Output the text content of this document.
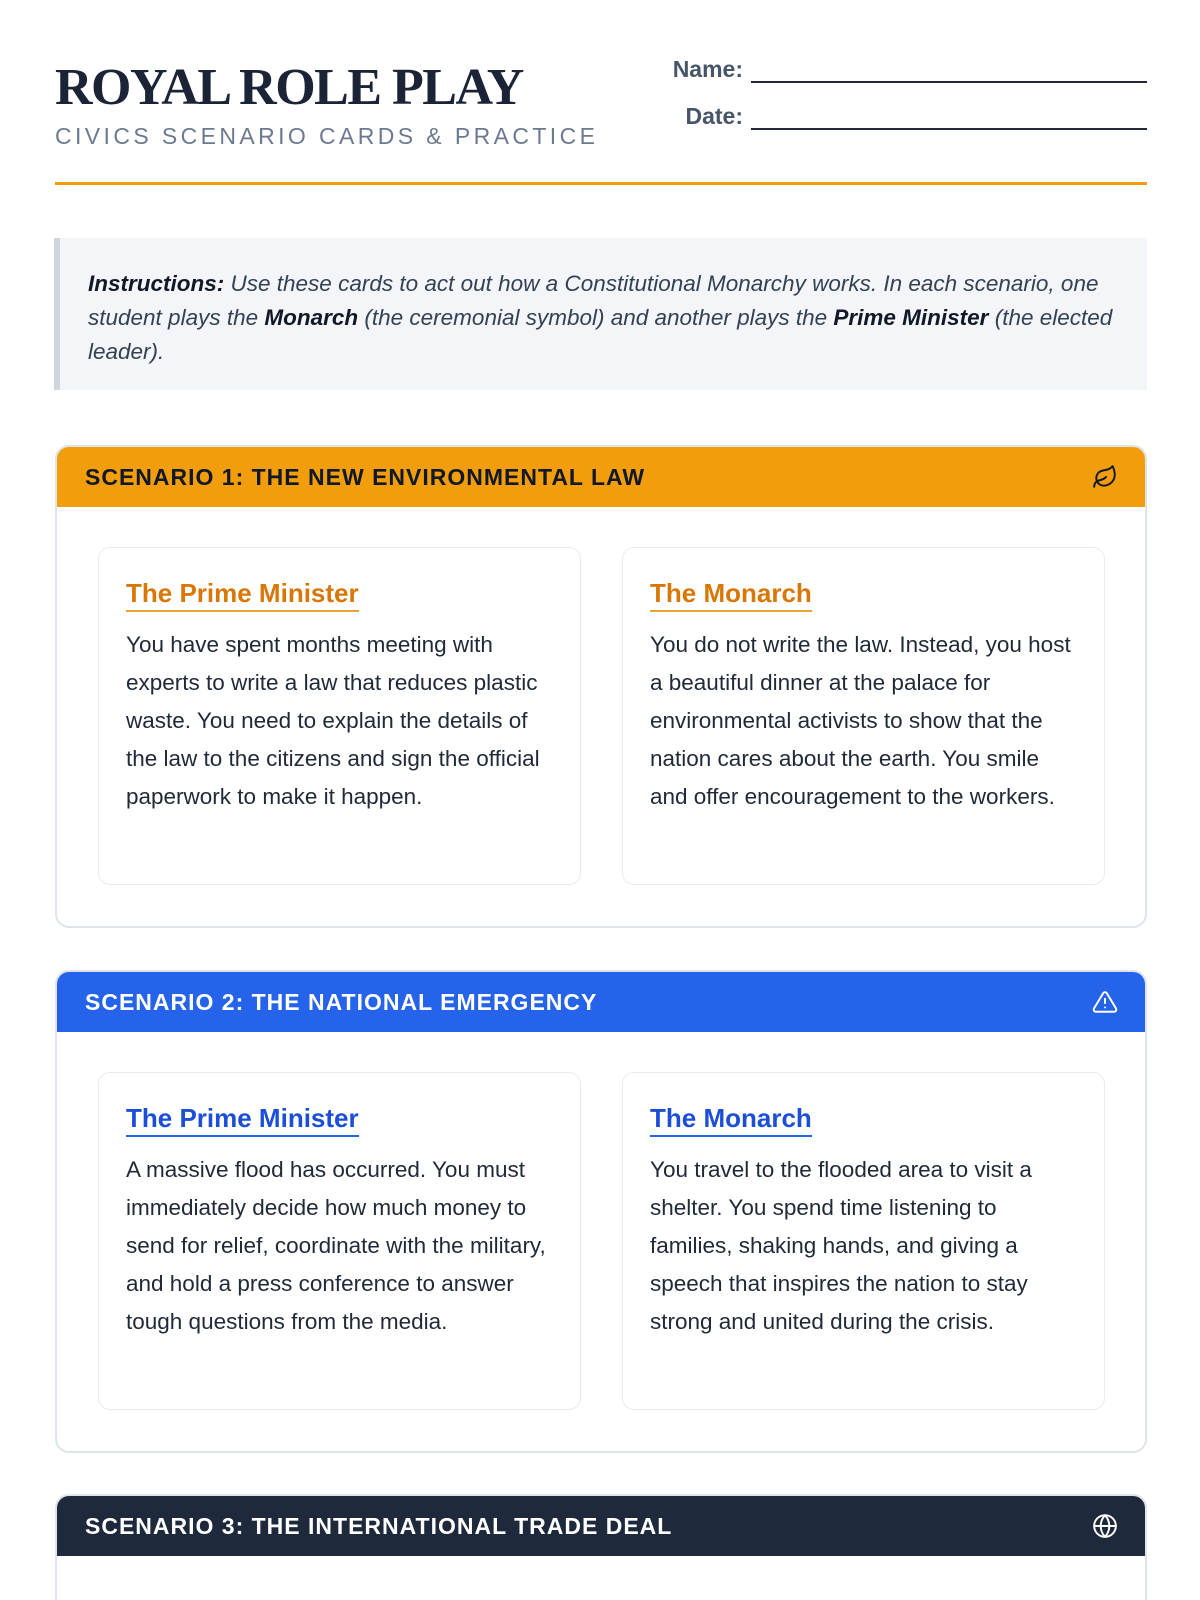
ROYAL ROLE PLAY
CIVICS SCENARIO CARDS & PRACTICE
Name:
Date:
Instructions: Use these cards to act out how a Constitutional Monarchy works. In each scenario, one student plays the Monarch (the ceremonial symbol) and another plays the Prime Minister (the elected leader).
SCENARIO 1: THE NEW ENVIRONMENTAL LAW
The Prime Minister
You have spent months meeting with experts to write a law that reduces plastic waste. You need to explain the details of the law to the citizens and sign the official paperwork to make it happen.
The Monarch
You do not write the law. Instead, you host a beautiful dinner at the palace for environmental activists to show that the nation cares about the earth. You smile and offer encouragement to the workers.
SCENARIO 2: THE NATIONAL EMERGENCY
The Prime Minister
A massive flood has occurred. You must immediately decide how much money to send for relief, coordinate with the military, and hold a press conference to answer tough questions from the media.
The Monarch
You travel to the flooded area to visit a shelter. You spend time listening to families, shaking hands, and giving a speech that inspires the nation to stay strong and united during the crisis.
SCENARIO 3: THE INTERNATIONAL TRADE DEAL
